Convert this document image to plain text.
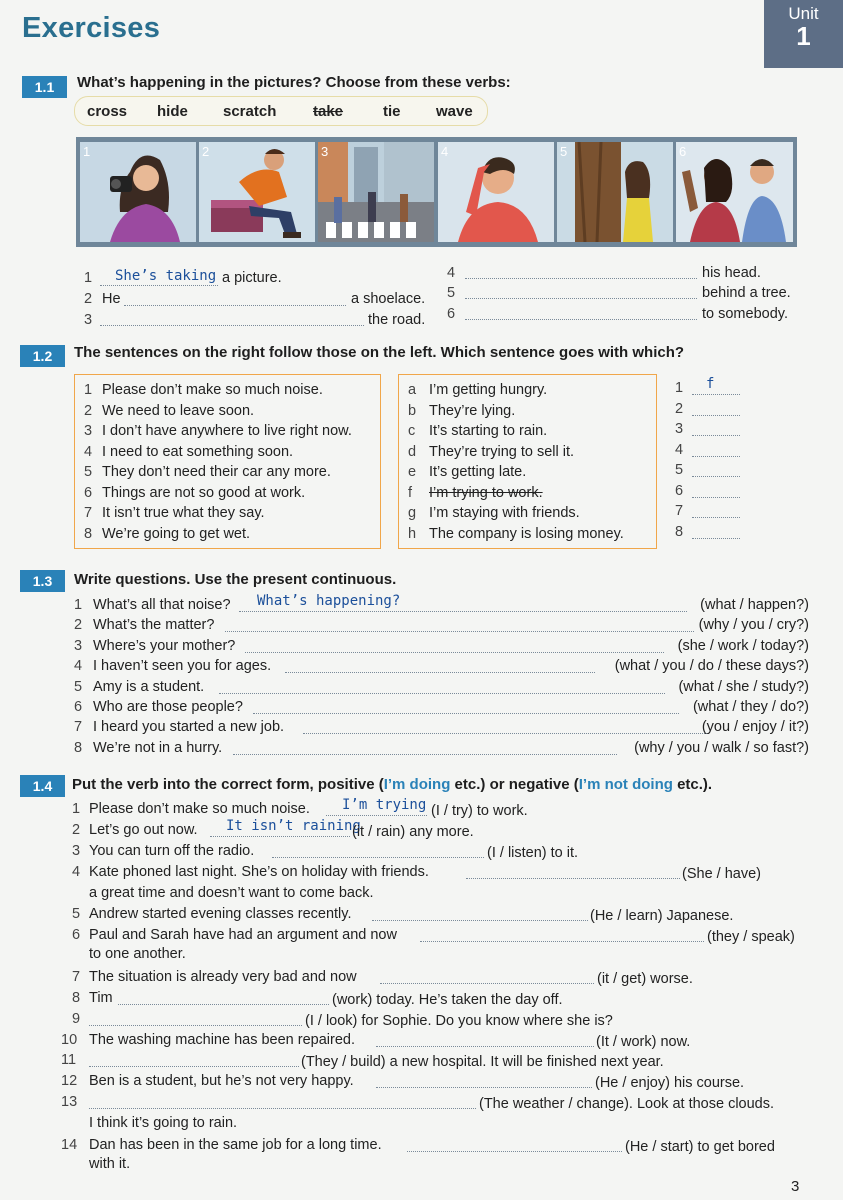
Exercises	Unit
1
1.1	What’s happening in the pictures? Choose from these verbs:
cross hide scratch take	tie wave
1	2	3	4	5	6
1 She’s taking a picture.
2 He	a shoelace.
3	the road.
4	his head.
5	behind a tree.
6	to somebody.
1.2	The sentences on the right follow those on the left. Which sentence goes with which?
1 Please don’t make so much noise.
2 We need to leave soon.
3 I don’t have anywhere to live right now.
4 I need to eat something soon.
5 They don’t need their car any more.
6 Things are not so good at work.
7 It isn’t true what they say.
8 We’re going to get wet.
a I’m getting hungry.
b They’re lying.
c It’s starting to rain.
d They’re trying to sell it.
e It’s getting late.
f I’m trying to work.
g I’m staying with friends.
h The company is losing money.
1 f
2
3
4
5
6
7
8
1.3	Write questions. Use the present continuous.
1 What’s all that noise? What’s happening?	(what / happen?)
2 What’s the matter?	(why / you / cry?)
3 Where’s your mother?	(she / work / today?)
4 I haven’t seen you for ages.	(what / you / do / these days?)
5 Amy is a student.	(what / she / study?)
6 Who are those people?	(what / they / do?)
7 I heard you started a new job.	(you / enjoy / it?)
8 We’re not in a hurry.	(why / you / walk / so fast?)
1.4	Put the verb into the correct form, positive (I’m doing etc.) or negative (I’m not doing etc.).
1 Please don’t make so much noise. I’m trying (I / try) to work.
2 Let’s go out now. It isn’t raining
(it / rain) any more.
3 You can turn off the radio.	(I / listen) to it.
4 Kate phoned last night. She’s on holiday with friends.	(She / have)
a great time and doesn’t want to come back.
5 Andrew started evening classes recently.	(He / learn) Japanese.
6 Paul and Sarah have had an argument and now	(they / speak)
to one another.
7 The situation is already very bad and now	(it / get) worse.
8 Tim	(work) today. He’s taken the day off.
9	(I / look) for Sophie. Do you know where she is?
10 The washing machine has been repaired.	(It / work) now.
11	(They / build) a new hospital. It will be finished next year.
12 Ben is a student, but he’s not very happy.	(He / enjoy) his course.
13	(The weather / change). Look at those clouds.
I think it’s going to rain.
14 Dan has been in the same job for a long time.	(He / start) to get bored
with it.
3
